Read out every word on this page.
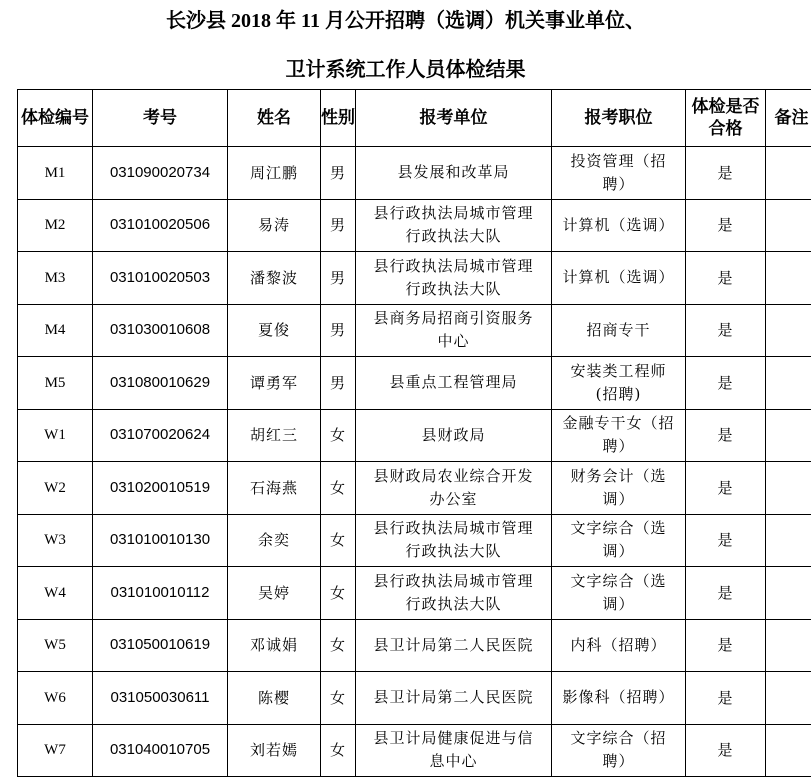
长沙县 2018 年 11 月公开招聘（选调）机关事业单位、
卫计系统工作人员体检结果
体检编号	考号	姓名	性别	报考单位	报考职位	体检是否合格	备注
M1	031090020734	周江鹏	男	县发展和改革局	投资管理（招聘）	是	
M2	031010020506	易涛	男	县行政执法局城市管理行政执法大队	计算机（选调）	是	
M3	031010020503	潘黎波	男	县行政执法局城市管理行政执法大队	计算机（选调）	是	
M4	031030010608	夏俊	男	县商务局招商引资服务中心	招商专干	是	
M5	031080010629	谭勇军	男	县重点工程管理局	安装类工程师(招聘)	是	
W1	031070020624	胡红三	女	县财政局	金融专干女（招聘）	是	
W2	031020010519	石海燕	女	县财政局农业综合开发办公室	财务会计（选调）	是	
W3	031010010130	余奕	女	县行政执法局城市管理行政执法大队	文字综合（选调）	是	
W4	031010010112	吴婷	女	县行政执法局城市管理行政执法大队	文字综合（选调）	是	
W5	031050010619	邓诚娟	女	县卫计局第二人民医院	内科（招聘）	是	
W6	031050030611	陈樱	女	县卫计局第二人民医院	影像科（招聘）	是	
W7	031040010705	刘若嫣	女	县卫计局健康促进与信息中心	文字综合（招聘）	是	
